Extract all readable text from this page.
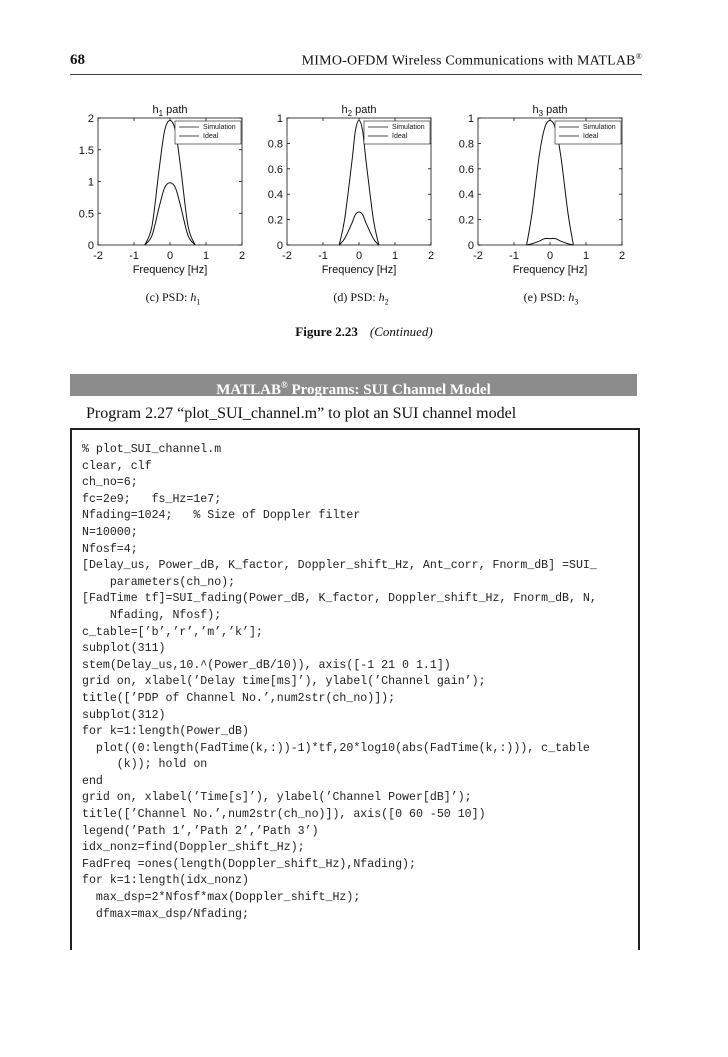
68	MIMO-OFDM Wireless Communications with MATLAB®
$h_1$ path
0
0.5
1
1.5
2
-2 -1	0	1	2
Frequency [Hz]
Simulation
Ideal
$h_2$ path
0
0.2
0.4
0.6
0.8
1
-2 -1	0	1	2
Frequency [Hz]
Simulation
Ideal
$h_3$ path
0
0.2
0.4
0.6
0.8
1
-2 -1	0	1	2
Frequency [Hz]
Simulation
Ideal
(c) PSD: $h_1$	(d) PSD: $h_2$	(e) PSD: $h_3$
Figure 2.23 (Continued)
MATLAB® Programs: SUI Channel Model
Program 2.27 “plot_SUI_channel.m” to plot an SUI channel model
% plot_SUI_channel.m
clear, clf
ch_no=6;
fc=2e9;   fs_Hz=1e7;
Nfading=1024;   % Size of Doppler filter
N=10000;
Nfosf=4;
[Delay_us, Power_dB, K_factor, Doppler_shift_Hz, Ant_corr, Fnorm_dB] =SUI_
parameters(ch_no);
[FadTime tf]=SUI_fading(Power_dB, K_factor, Doppler_shift_Hz, Fnorm_dB, N,
Nfading, Nfosf);
c_table=[’b’,’r’,’m’,’k’];
subplot(311)
stem(Delay_us,10.^(Power_dB/10)), axis([-1 21 0 1.1])
grid on, xlabel(’Delay time[ms]’), ylabel(’Channel gain’);
title([’PDP of Channel No.’,num2str(ch_no)]);
subplot(312)
for k=1:length(Power_dB)
plot((0:length(FadTime(k,:))-1)*tf,20*log10(abs(FadTime(k,:))), c_table
(k)); hold on
end
grid on, xlabel(’Time[s]’), ylabel(’Channel Power[dB]’);
title([’Channel No.’,num2str(ch_no)]), axis([0 60 -50 10])
legend(’Path 1’,’Path 2’,’Path 3’)
idx_nonz=find(Doppler_shift_Hz);
FadFreq =ones(length(Doppler_shift_Hz),Nfading);
for k=1:length(idx_nonz)
max_dsp=2*Nfosf*max(Doppler_shift_Hz);
dfmax=max_dsp/Nfading;
